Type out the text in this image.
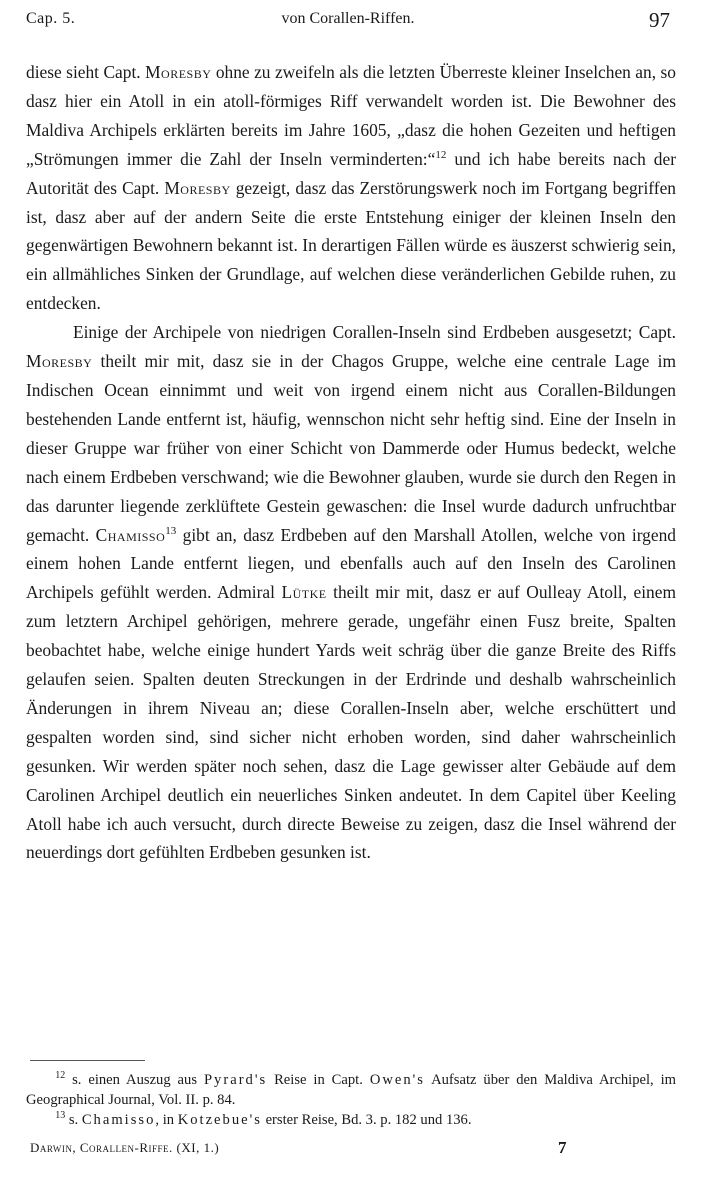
Cap. 5.	von Corallen-Riffen.	97

diese sieht Capt. Moresby ohne zu zweifeln als die letzten Überreste kleiner Inselchen an, so dasz hier ein Atoll in ein atoll-förmiges Riff verwandelt worden ist. Die Bewohner des Maldiva Archipels erklärten bereits im Jahre 1605, „dasz die hohen Gezeiten und heftigen „Strömungen immer die Zahl der Inseln verminderten:“$^{12}$ und ich habe bereits nach der Autorität des Capt. Moresby gezeigt, dasz das Zerstörungswerk noch im Fortgang begriffen ist, dasz aber auf der andern Seite die erste Entstehung einiger der kleinen Inseln den gegenwärtigen Bewohnern bekannt ist. In derartigen Fällen würde es äuszerst schwierig sein, ein allmähliches Sinken der Grundlage, auf welchen diese veränderlichen Gebilde ruhen, zu entdecken.

Einige der Archipele von niedrigen Corallen-Inseln sind Erdbeben ausgesetzt; Capt. Moresby theilt mir mit, dasz sie in der Chagos Gruppe, welche eine centrale Lage im Indischen Ocean einnimmt und weit von irgend einem nicht aus Corallen-Bildungen bestehenden Lande entfernt ist, häufig, wennschon nicht sehr heftig sind. Eine der Inseln in dieser Gruppe war früher von einer Schicht von Dammerde oder Humus bedeckt, welche nach einem Erdbeben verschwand; wie die Bewohner glauben, wurde sie durch den Regen in das darunter liegende zerklüftete Gestein gewaschen: die Insel wurde dadurch unfruchtbar gemacht. Chamisso$^{13}$ gibt an, dasz Erdbeben auf den Marshall Atollen, welche von irgend einem hohen Lande entfernt liegen, und ebenfalls auch auf den Inseln des Carolinen Archipels gefühlt werden. Admiral Lütke theilt mir mit, dasz er auf Oulleay Atoll, einem zum letztern Archipel gehörigen, mehrere gerade, ungefähr einen Fusz breite, Spalten beobachtet habe, welche einige hundert Yards weit schräg über die ganze Breite des Riffs gelaufen seien. Spalten deuten Streckungen in der Erdrinde und deshalb wahrscheinlich Änderungen in ihrem Niveau an; diese Corallen-Inseln aber, welche erschüttert und gespalten worden sind, sind sicher nicht erhoben worden, sind daher wahrscheinlich gesunken. Wir werden später noch sehen, dasz die Lage gewisser alter Gebäude auf dem Carolinen Archipel deutlich ein neuerliches Sinken andeutet. In dem Capitel über Keeling Atoll habe ich auch versucht, durch directe Beweise zu zeigen, dasz die Insel während der neuerdings dort gefühlten Erdbeben gesunken ist.

$^{12}$ s. einen Auszug aus Pyrard's Reise in Capt. Owen's Aufsatz über den Maldiva Archipel, im Geographical Journal, Vol. II. p. 84.

$^{13}$ s. Chamisso, in Kotzebue's erster Reise, Bd. 3. p. 182 und 136.

Darwin, Corallen-Riffe. (XI, 1.)	7
